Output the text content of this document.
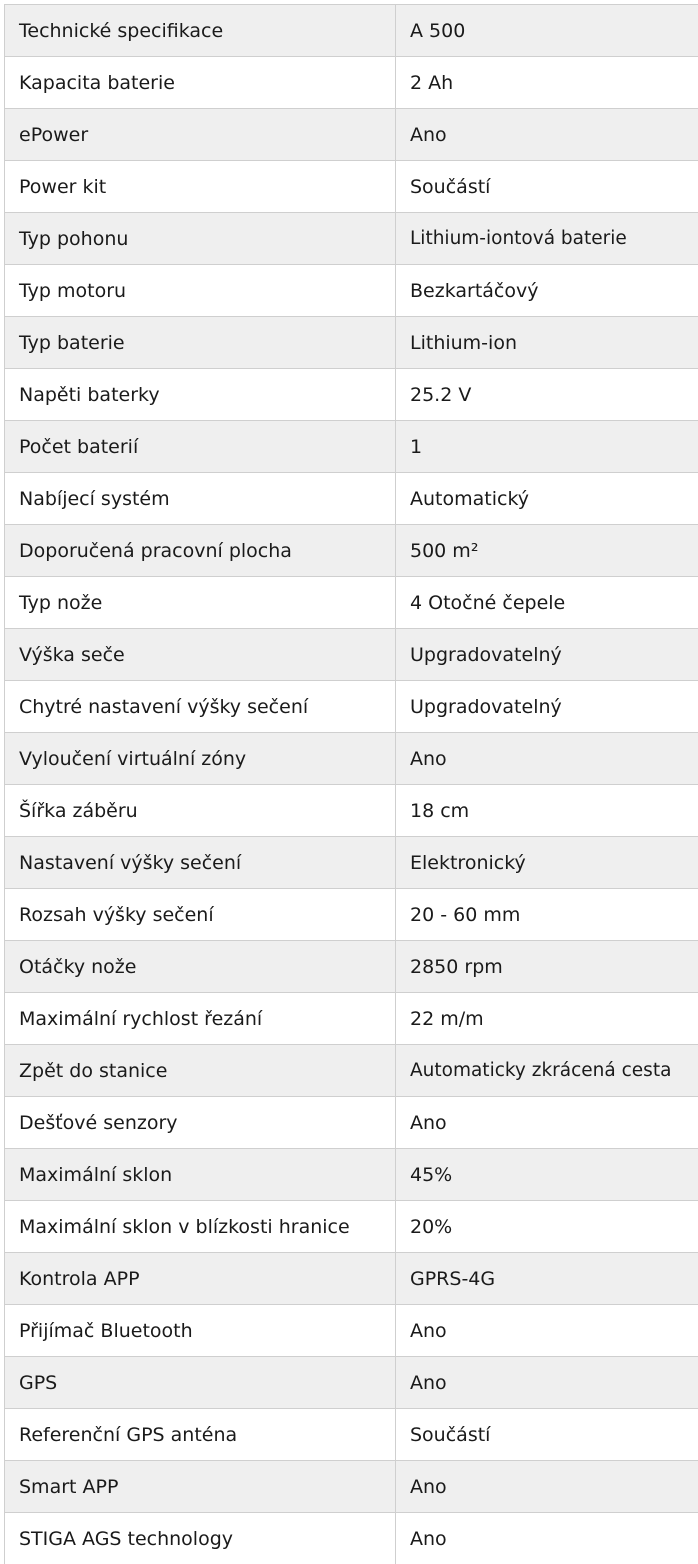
Technické specifikace	A 500
Kapacita baterie	2 Ah
ePower	Ano
Power kit	Součástí
Typ pohonu	Lithium-iontová baterie
Typ motoru	Bezkartáčový
Typ baterie	Lithium-ion
Napěti baterky	25.2 V
Počet baterií	1
Nabíjecí systém	Automatický
Doporučená pracovní plocha	500 m²
Typ nože	4 Otočné čepele
Výška seče	Upgradovatelný
Chytré nastavení výšky sečení	Upgradovatelný
Vyloučení virtuální zóny	Ano
Šířka záběru	18 cm
Nastavení výšky sečení	Elektronický
Rozsah výšky sečení	20 - 60 mm
Otáčky nože	2850 rpm
Maximální rychlost řezání	22 m/m
Zpět do stanice	Automaticky zkrácená cesta
Dešťové senzory	Ano
Maximální sklon	45%
Maximální sklon v blízkosti hranice	20%
Kontrola APP	GPRS-4G
Přijímač Bluetooth	Ano
GPS	Ano
Referenční GPS anténa	Součástí
Smart APP	Ano
STIGA AGS technology	Ano
